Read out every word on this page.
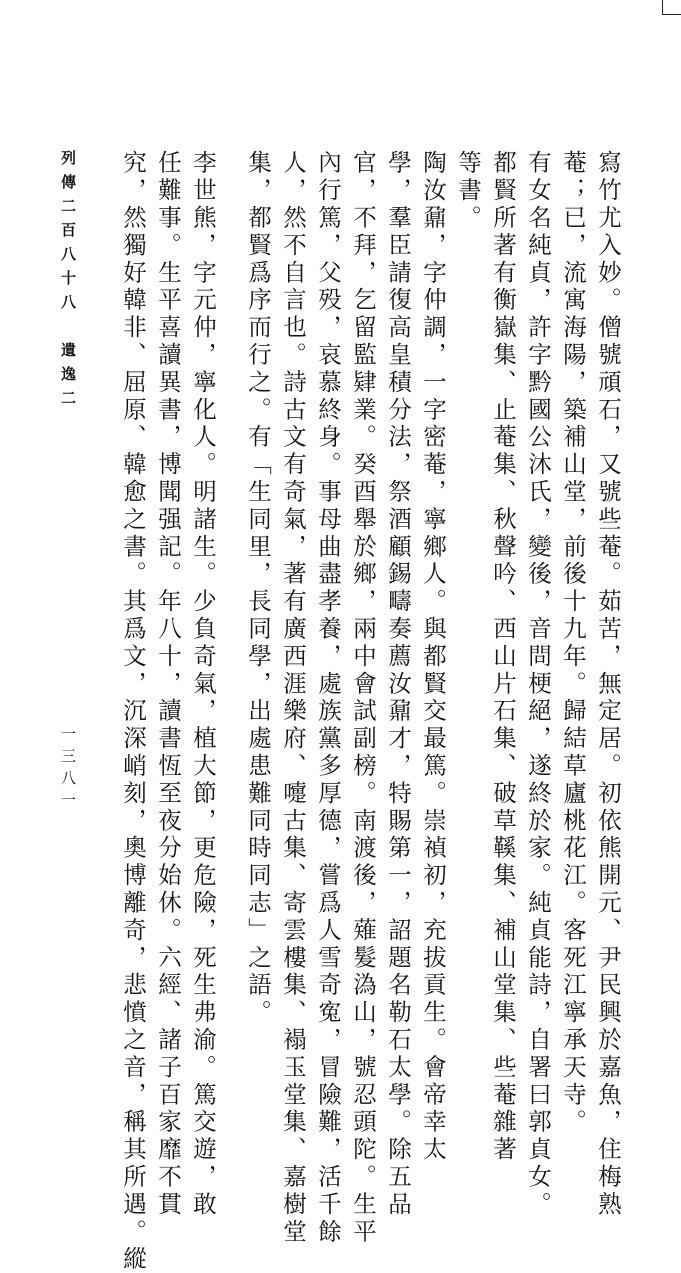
寫竹尤入妙。僧號頑石，又號些菴。茹苦，無定居。初依熊開元、尹民興於嘉魚，住梅熟
菴；已，流寓海陽，築補山堂，前後十九年。歸結草廬桃花江。客死江寧承天寺。
有女名純貞，許字黔國公沐氏，變後，音問梗絕，遂終於家。純貞能詩，自署曰郭貞女。
都賢所著有衡嶽集、止菴集、秋聲吟、西山片石集、破草鞵集、補山堂集、些菴雜著
等書。
陶汝鼐，字仲調，一字密菴，寧鄉人。與都賢交最篤。崇禎初，充拔貢生。會帝幸太
學，羣臣請復高皇積分法，祭酒顧錫疇奏薦汝鼐才，特賜第一，詔題名勒石太學。除五品
官，不拜，乞留監肄業。癸酉舉於鄉，兩中會試副榜。南渡後，薙髮溈山，號忍頭陀。生平
內行篤，父殁，哀慕終身。事母曲盡孝養，處族黨多厚德，嘗爲人雪奇寃，冒險難，活千餘
人，然不自言也。詩古文有奇氣，著有廣西涯樂府、嚏古集、寄雲樓集、褟玉堂集、嘉樹堂
集，都賢爲序而行之。有「生同里，長同學，出處患難同時同志」之語。
李世熊，字元仲，寧化人。明諸生。少負奇氣，植大節，更危險，死生弗渝。篤交遊，敢
任難事。生平喜讀異書，博聞强記。年八十，讀書恆至夜分始休。六經、諸子百家靡不貫
究，然獨好韓非、屈原、韓愈之書。其爲文，沉深峭刻，奧博離奇，悲憤之音，稱其所遇。縱
列傳二百八十八　遺逸二
一三八一
